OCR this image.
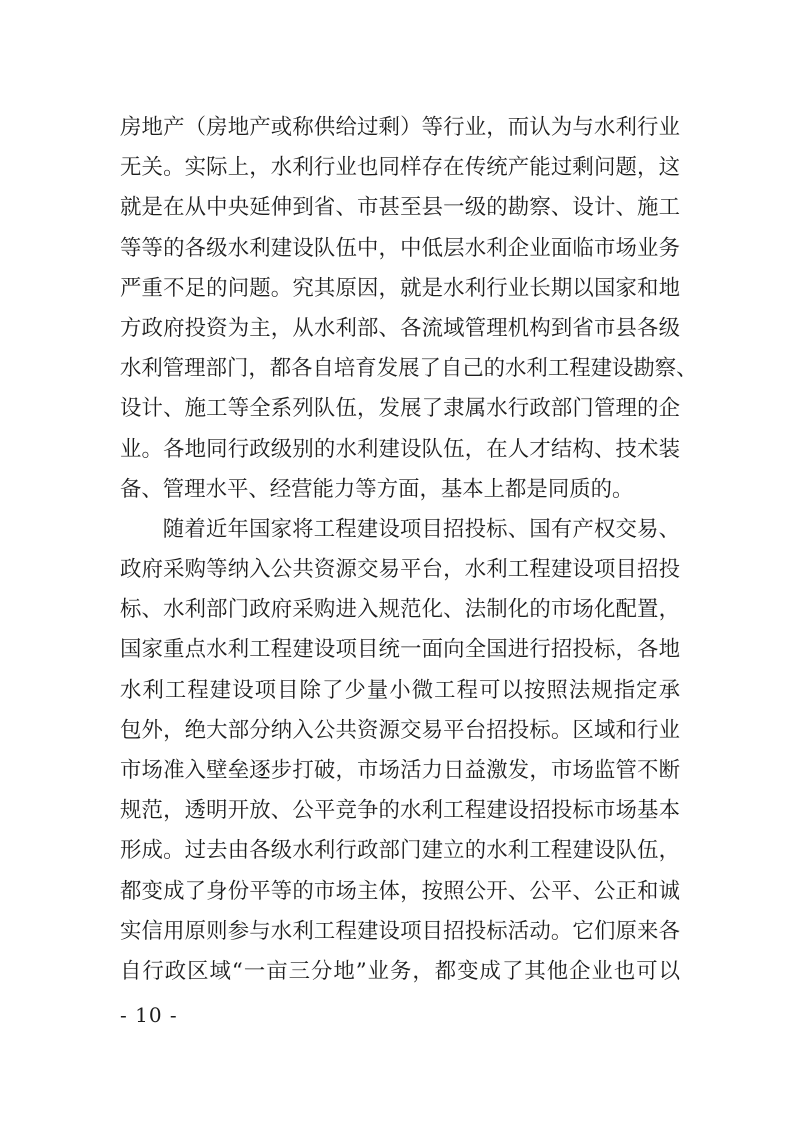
房地产（房地产或称供给过剩）等行业，而认为与水利行业
无关。实际上，水利行业也同样存在传统产能过剩问题，这
就是在从中央延伸到省、市甚至县一级的勘察、设计、施工
等等的各级水利建设队伍中，中低层水利企业面临市场业务
严重不足的问题。究其原因，就是水利行业长期以国家和地
方政府投资为主，从水利部、各流域管理机构到省市县各级
水利管理部门，都各自培育发展了自己的水利工程建设勘察、
设计、施工等全系列队伍，发展了隶属水行政部门管理的企
业。各地同行政级别的水利建设队伍，在人才结构、技术装
备、管理水平、经营能力等方面，基本上都是同质的。
随着近年国家将工程建设项目招投标、国有产权交易、
政府采购等纳入公共资源交易平台，水利工程建设项目招投
标、水利部门政府采购进入规范化、法制化的市场化配置，
国家重点水利工程建设项目统一面向全国进行招投标，各地
水利工程建设项目除了少量小微工程可以按照法规指定承
包外，绝大部分纳入公共资源交易平台招投标。区域和行业
市场准入壁垒逐步打破，市场活力日益激发，市场监管不断
规范，透明开放、公平竞争的水利工程建设招投标市场基本
形成。过去由各级水利行政部门建立的水利工程建设队伍，
都变成了身份平等的市场主体，按照公开、公平、公正和诚
实信用原则参与水利工程建设项目招投标活动。它们原来各
自行政区域“一亩三分地”业务，都变成了其他企业也可以
- 10 -
